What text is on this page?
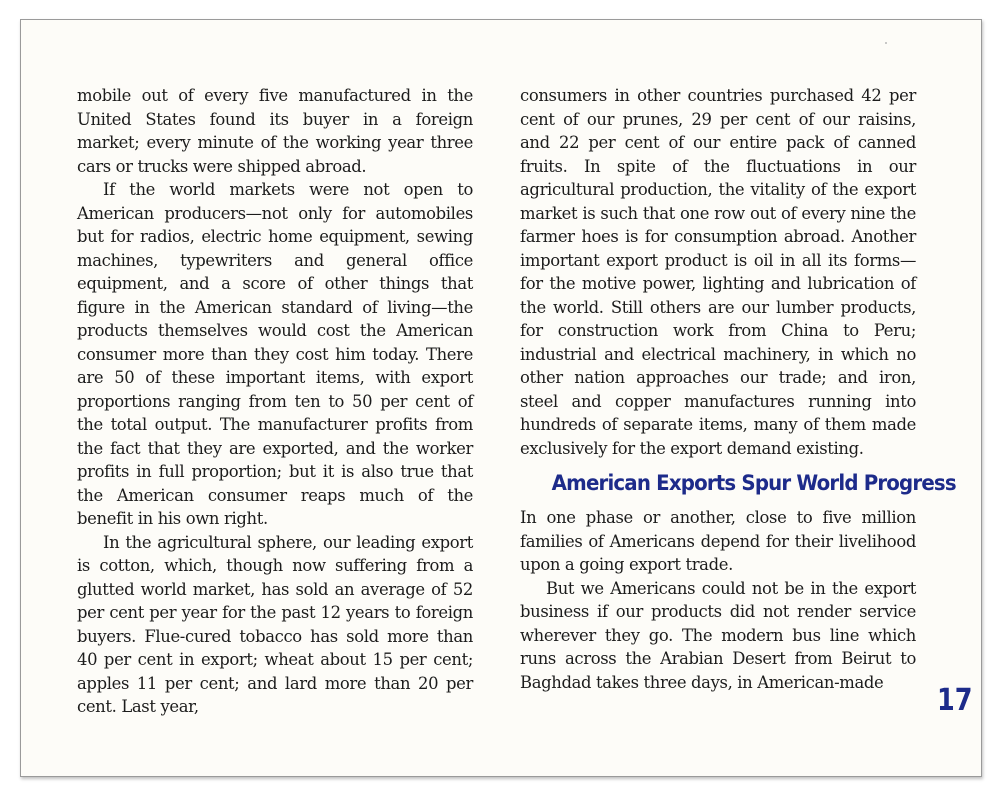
mobile out of every five manufactured in the United States found its buyer in a foreign market; every minute of the working year three cars or trucks were shipped abroad.

If the world markets were not open to American producers—not only for automobiles but for radios, electric home equipment, sewing machines, typewriters and general office equipment, and a score of other things that figure in the American standard of living—the products themselves would cost the American consumer more than they cost him today. There are 50 of these important items, with export proportions ranging from ten to 50 per cent of the total output. The manufacturer profits from the fact that they are exported, and the worker profits in full proportion; but it is also true that the American consumer reaps much of the benefit in his own right.

In the agricultural sphere, our leading export is cotton, which, though now suffering from a glutted world market, has sold an average of 52 per cent per year for the past 12 years to foreign buyers. Flue-cured tobacco has sold more than 40 per cent in export; wheat about 15 per cent; apples 11 per cent; and lard more than 20 per cent. Last year,

consumers in other countries purchased 42 per cent of our prunes, 29 per cent of our raisins, and 22 per cent of our entire pack of canned fruits. In spite of the fluctuations in our agricultural production, the vitality of the export market is such that one row out of every nine the farmer hoes is for consumption abroad. Another important export product is oil in all its forms—for the motive power, lighting and lubrication of the world. Still others are our lumber products, for construction work from China to Peru; industrial and electrical machinery, in which no other nation approaches our trade; and iron, steel and copper manufactures running into hundreds of separate items, many of them made exclusively for the export demand existing.

American Exports Spur World Progress

In one phase or another, close to five million families of Americans depend for their livelihood upon a going export trade.

But we Americans could not be in the export business if our products did not render service wherever they go. The modern bus line which runs across the Arabian Desert from Beirut to Baghdad takes three days, in American-made

17
